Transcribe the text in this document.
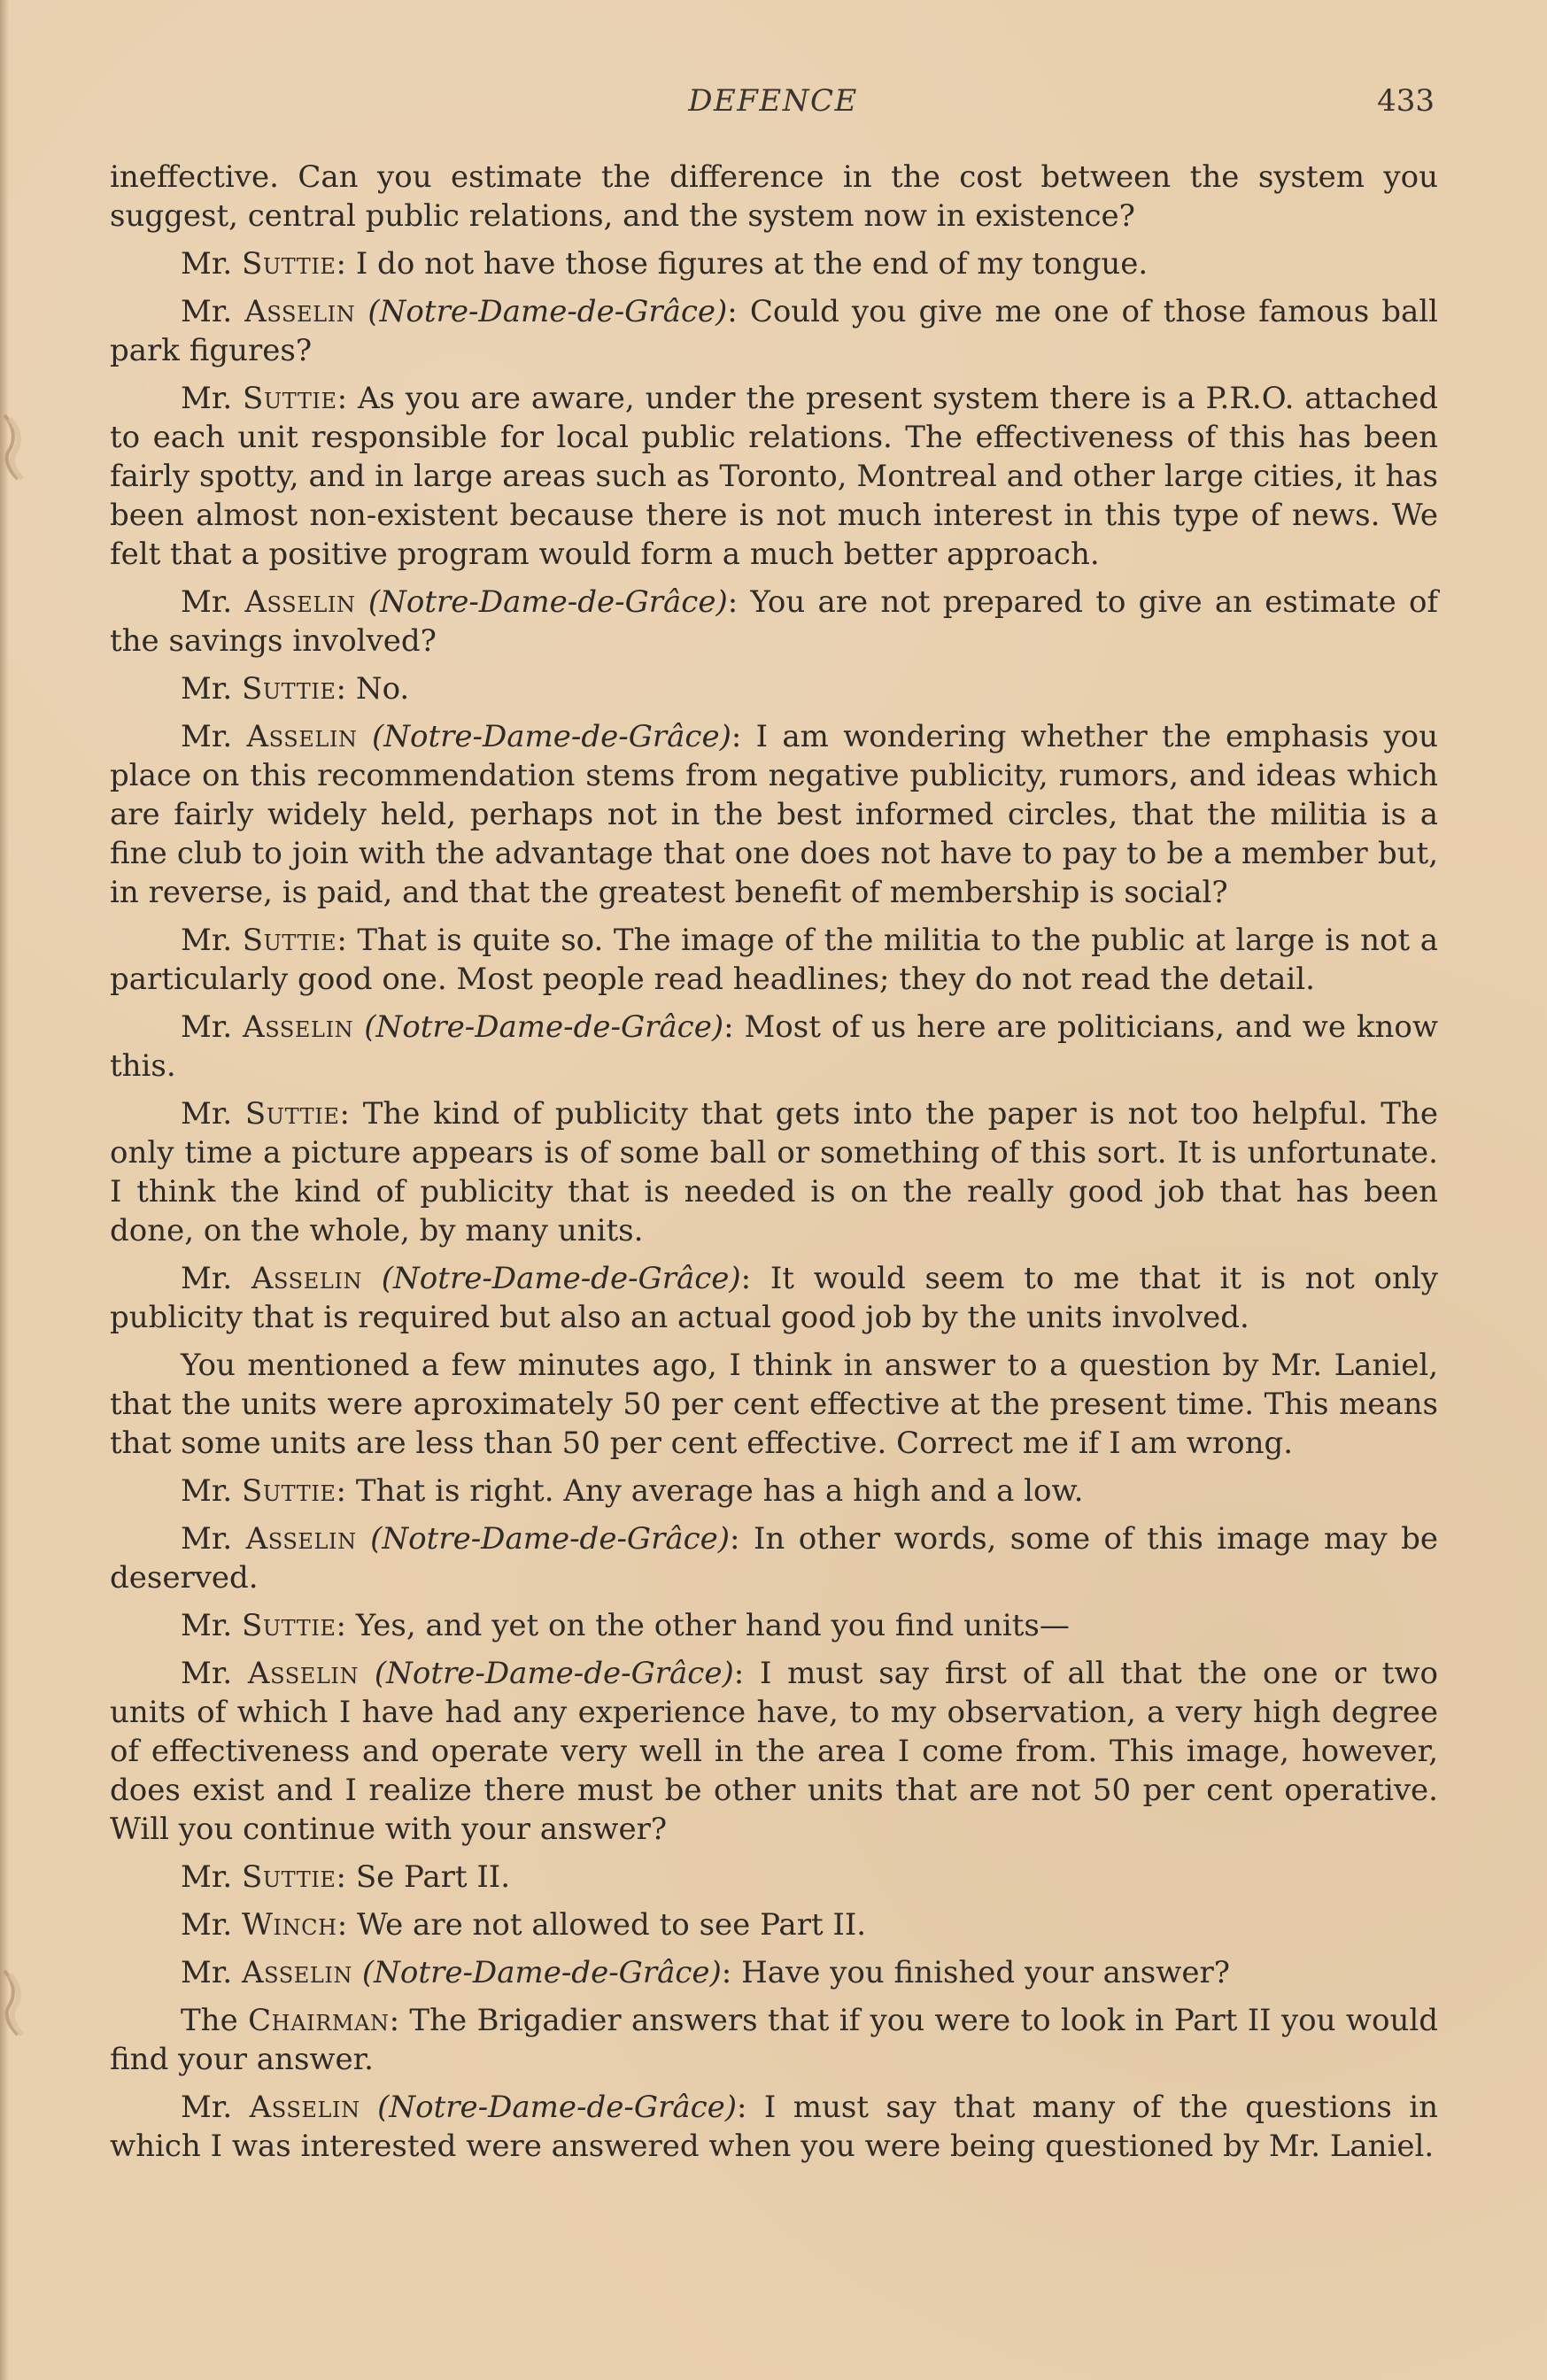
DEFENCE	433

ineffective. Can you estimate the difference in the cost between the system you suggest, central public relations, and the system now in existence?

Mr. Suttie: I do not have those figures at the end of my tongue.

Mr. Asselin (Notre-Dame-de-Grâce): Could you give me one of those famous ball park figures?

Mr. Suttie: As you are aware, under the present system there is a P.R.O. attached to each unit responsible for local public relations. The effectiveness of this has been fairly spotty, and in large areas such as Toronto, Montreal and other large cities, it has been almost non-existent because there is not much interest in this type of news. We felt that a positive program would form a much better approach.

Mr. Asselin (Notre-Dame-de-Grâce): You are not prepared to give an estimate of the savings involved?

Mr. Suttie: No.

Mr. Asselin (Notre-Dame-de-Grâce): I am wondering whether the emphasis you place on this recommendation stems from negative publicity, rumors, and ideas which are fairly widely held, perhaps not in the best informed circles, that the militia is a fine club to join with the advantage that one does not have to pay to be a member but, in reverse, is paid, and that the greatest benefit of membership is social?

Mr. Suttie: That is quite so. The image of the militia to the public at large is not a particularly good one. Most people read headlines; they do not read the detail.

Mr. Asselin (Notre-Dame-de-Grâce): Most of us here are politicians, and we know this.

Mr. Suttie: The kind of publicity that gets into the paper is not too helpful. The only time a picture appears is of some ball or something of this sort. It is unfortunate. I think the kind of publicity that is needed is on the really good job that has been done, on the whole, by many units.

Mr. Asselin (Notre-Dame-de-Grâce): It would seem to me that it is not only publicity that is required but also an actual good job by the units involved.

You mentioned a few minutes ago, I think in answer to a question by Mr. Laniel, that the units were aproximately 50 per cent effective at the present time. This means that some units are less than 50 per cent effective. Correct me if I am wrong.

Mr. Suttie: That is right. Any average has a high and a low.

Mr. Asselin (Notre-Dame-de-Grâce): In other words, some of this image may be deserved.

Mr. Suttie: Yes, and yet on the other hand you find units—

Mr. Asselin (Notre-Dame-de-Grâce): I must say first of all that the one or two units of which I have had any experience have, to my observation, a very high degree of effectiveness and operate very well in the area I come from. This image, however, does exist and I realize there must be other units that are not 50 per cent operative. Will you continue with your answer?

Mr. Suttie: Se Part II.

Mr. Winch: We are not allowed to see Part II.

Mr. Asselin (Notre-Dame-de-Grâce): Have you finished your answer?

The Chairman: The Brigadier answers that if you were to look in Part II you would find your answer.

Mr. Asselin (Notre-Dame-de-Grâce): I must say that many of the questions in which I was interested were answered when you were being questioned by Mr. Laniel.
